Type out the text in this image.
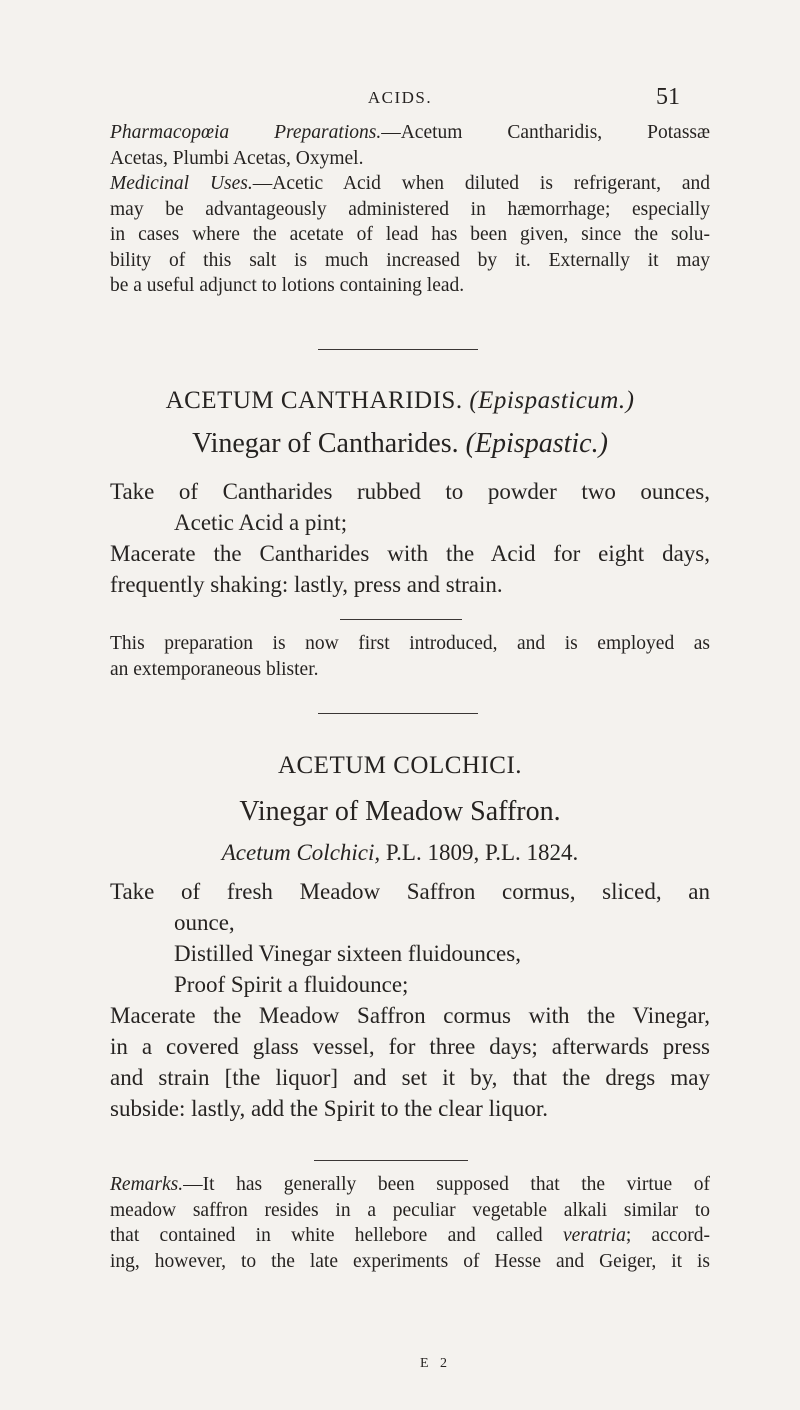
ACIDS.	51
Pharmacopœia Preparations.—Acetum Cantharidis, Potassæ
Acetas, Plumbi Acetas, Oxymel.
Medicinal Uses.—Acetic Acid when diluted is refrigerant, and
may be advantageously administered in hæmorrhage; especially
in cases where the acetate of lead has been given, since the solu-
bility of this salt is much increased by it. Externally it may
be a useful adjunct to lotions containing lead.
ACETUM CANTHARIDIS. (Epispasticum.)
Vinegar of Cantharides. (Epispastic.)
Take of Cantharides rubbed to powder two ounces,
Acetic Acid a pint;
Macerate the Cantharides with the Acid for eight days,
frequently shaking: lastly, press and strain.
This preparation is now first introduced, and is employed as
an extemporaneous blister.
ACETUM COLCHICI.
Vinegar of Meadow Saffron.
Acetum Colchici, P.L. 1809, P.L. 1824.
Take of fresh Meadow Saffron cormus, sliced, an
ounce,
Distilled Vinegar sixteen fluidounces,
Proof Spirit a fluidounce;
Macerate the Meadow Saffron cormus with the Vinegar,
in a covered glass vessel, for three days; afterwards press
and strain [the liquor] and set it by, that the dregs may
subside: lastly, add the Spirit to the clear liquor.
Remarks.—It has generally been supposed that the virtue of
meadow saffron resides in a peculiar vegetable alkali similar to
that contained in white hellebore and called veratria; accord-
ing, however, to the late experiments of Hesse and Geiger, it is
E 2
